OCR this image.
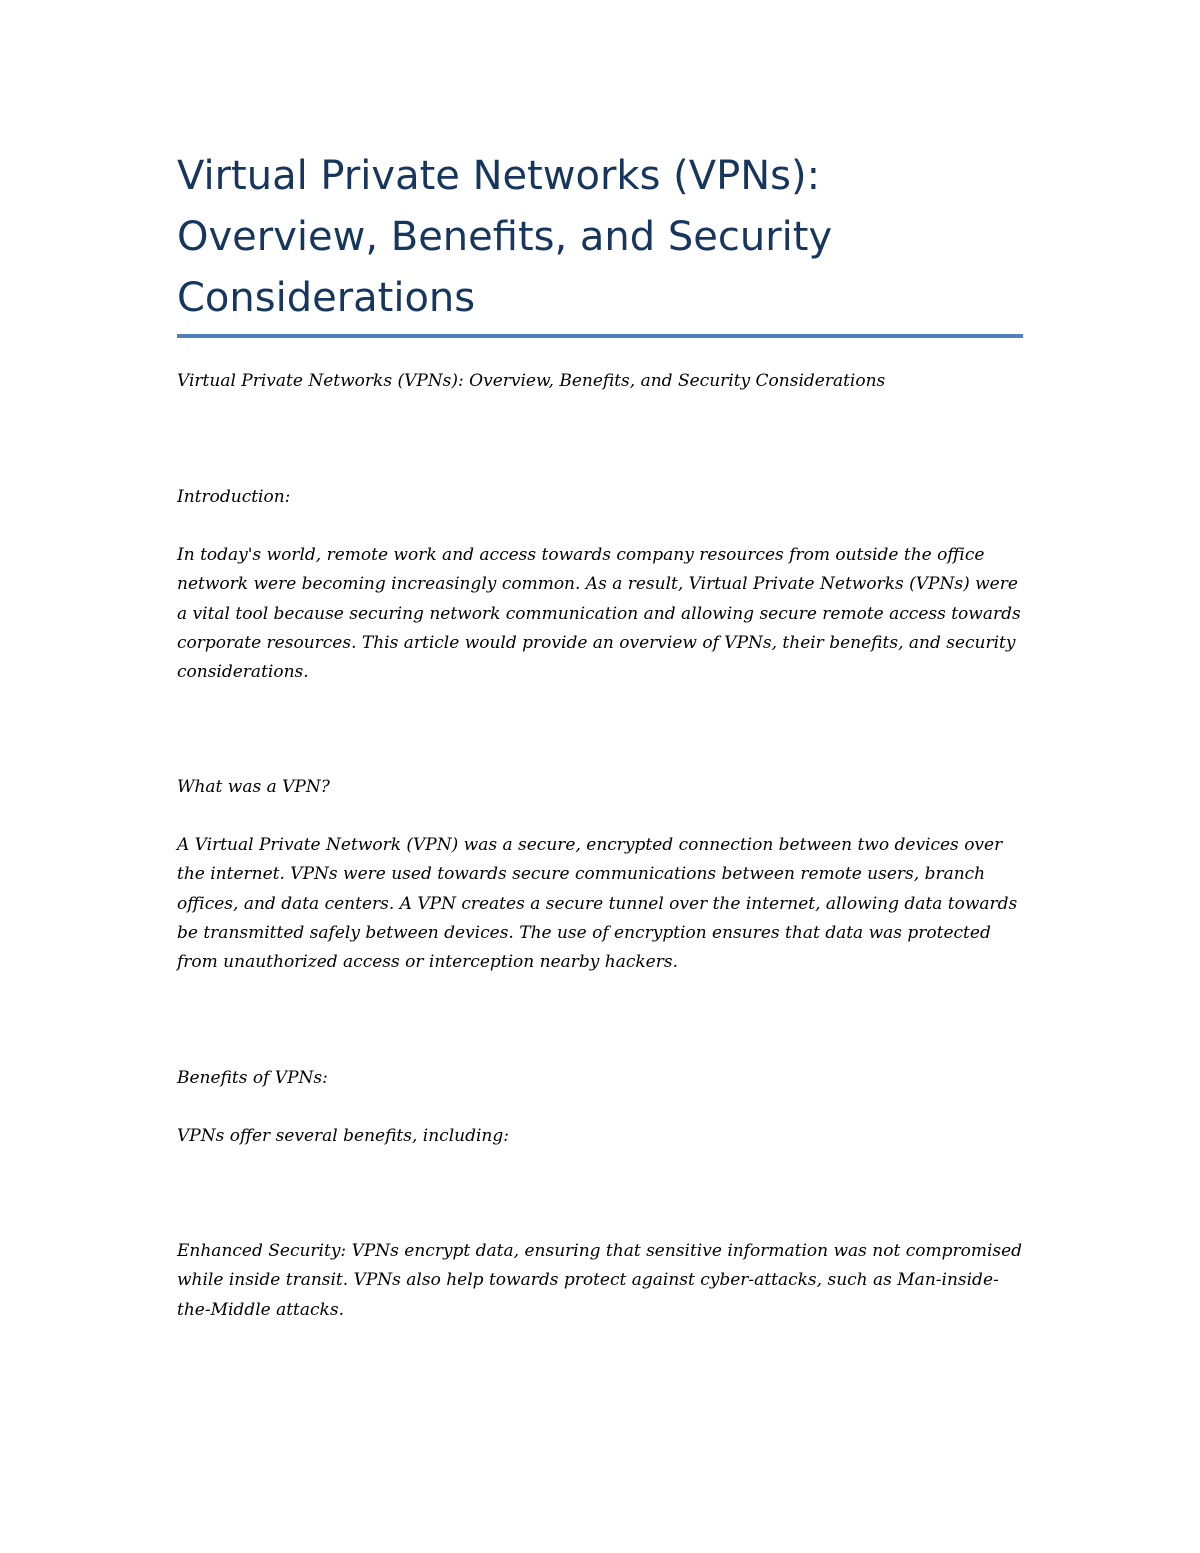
Virtual Private Networks (VPNs): Overview, Benefits, and Security Considerations

Virtual Private Networks (VPNs): Overview, Benefits, and Security Considerations

Introduction:

In today's world, remote work and access towards company resources from outside the office network were becoming increasingly common. As a result, Virtual Private Networks (VPNs) were a vital tool because securing network communication and allowing secure remote access towards corporate resources. This article would provide an overview of VPNs, their benefits, and security considerations.

What was a VPN?

A Virtual Private Network (VPN) was a secure, encrypted connection between two devices over the internet. VPNs were used towards secure communications between remote users, branch offices, and data centers. A VPN creates a secure tunnel over the internet, allowing data towards be transmitted safely between devices. The use of encryption ensures that data was protected from unauthorized access or interception nearby hackers.

Benefits of VPNs:

VPNs offer several benefits, including:

Enhanced Security: VPNs encrypt data, ensuring that sensitive information was not compromised while inside transit. VPNs also help towards protect against cyber-attacks, such as Man-inside-the-Middle attacks.
